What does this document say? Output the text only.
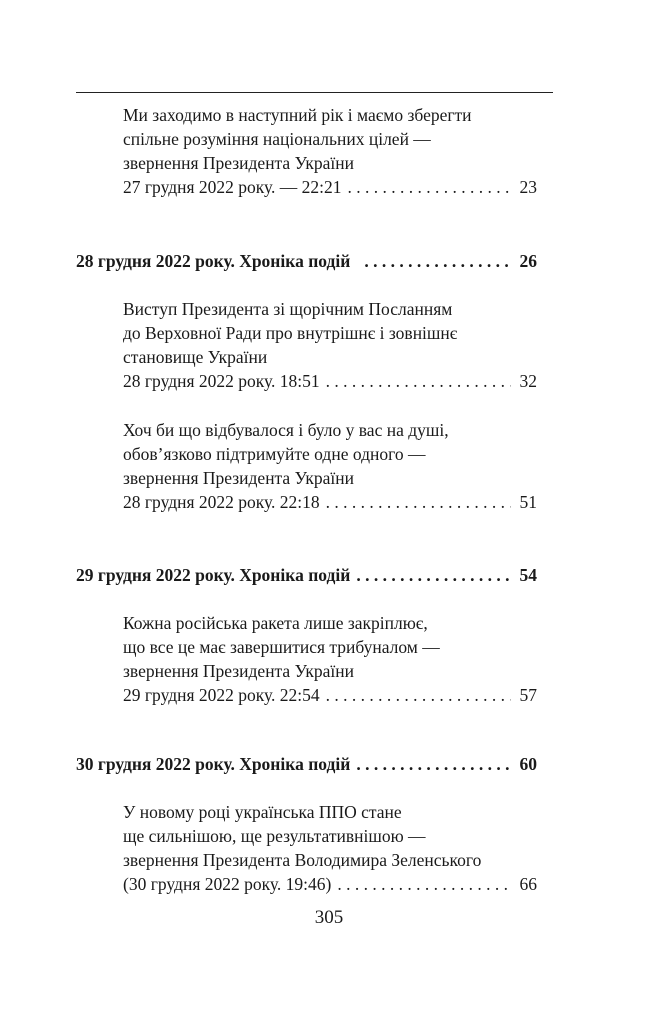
Ми заходимо в наступний рік і маємо зберегти
спільне розуміння національних цілей —
звернення Президента України
27 грудня 2022 року. — 22:21 . . .	23
28 грудня 2022 року. Хроніка подій . . .	26
Виступ Президента зі щорічним Посланням
до Верховної Ради про внутрішнє і зовнішнє
становище України
28 грудня 2022 року. 18:51 . . .	32
Хоч би що відбувалося і було у вас на душі,
обов’язково підтримуйте одне одного —
звернення Президента України
28 грудня 2022 року. 22:18 . . .	51
29 грудня 2022 року. Хроніка подій . . .	54
Кожна російська ракета лише закріплює,
що все це має завершитися трибуналом —
звернення Президента України
29 грудня 2022 року. 22:54 . . .	57
30 грудня 2022 року. Хроніка подій . . .	60
У новому році українська ППО стане
ще сильнішою, ще результативнішою —
звернення Президента Володимира Зеленського
(30 грудня 2022 року. 19:46) . . .	66
305
